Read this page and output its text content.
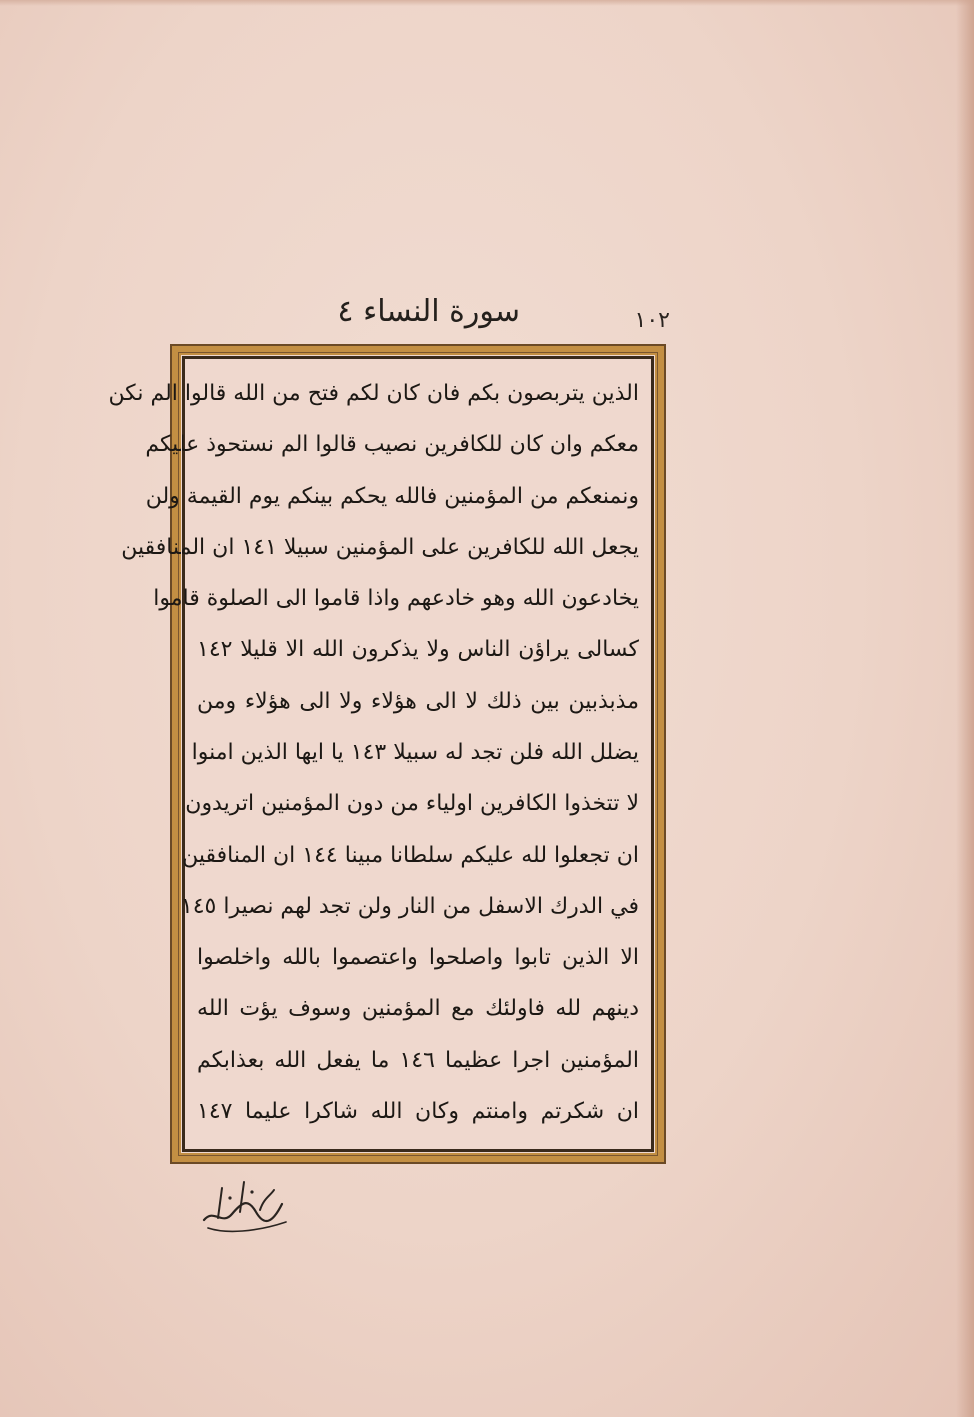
١٠٢
سورة النساء ٤
الذين يتربصون بكم فان كان لكم فتح من الله قالوا الم نكن
معكم وان كان للكافرين نصيب قالوا الم نستحوذ عليكم
ونمنعكم من المؤمنين فالله يحكم بينكم يوم القيمة ولن
يجعل الله للكافرين على المؤمنين سبيلا ١٤١ ان المنافقين
يخادعون الله وهو خادعهم واذا قاموا الى الصلوة قاموا
كسالى يراؤن الناس ولا يذكرون الله الا قليلا ١٤٢
مذبذبين بين ذلك لا الى هؤلاء ولا الى هؤلاء ومن
يضلل الله فلن تجد له سبيلا ١٤٣ يا ايها الذين امنوا
لا تتخذوا الكافرين اولياء من دون المؤمنين اتريدون
ان تجعلوا لله عليكم سلطانا مبينا ١٤٤ ان المنافقين
في الدرك الاسفل من النار ولن تجد لهم نصيرا ١٤٥
الا الذين تابوا واصلحوا واعتصموا بالله واخلصوا
دينهم لله فاولئك مع المؤمنين وسوف يؤت الله
المؤمنين اجرا عظيما ١٤٦ ما يفعل الله بعذابكم
ان شكرتم وامنتم وكان الله شاكرا عليما ١٤٧
